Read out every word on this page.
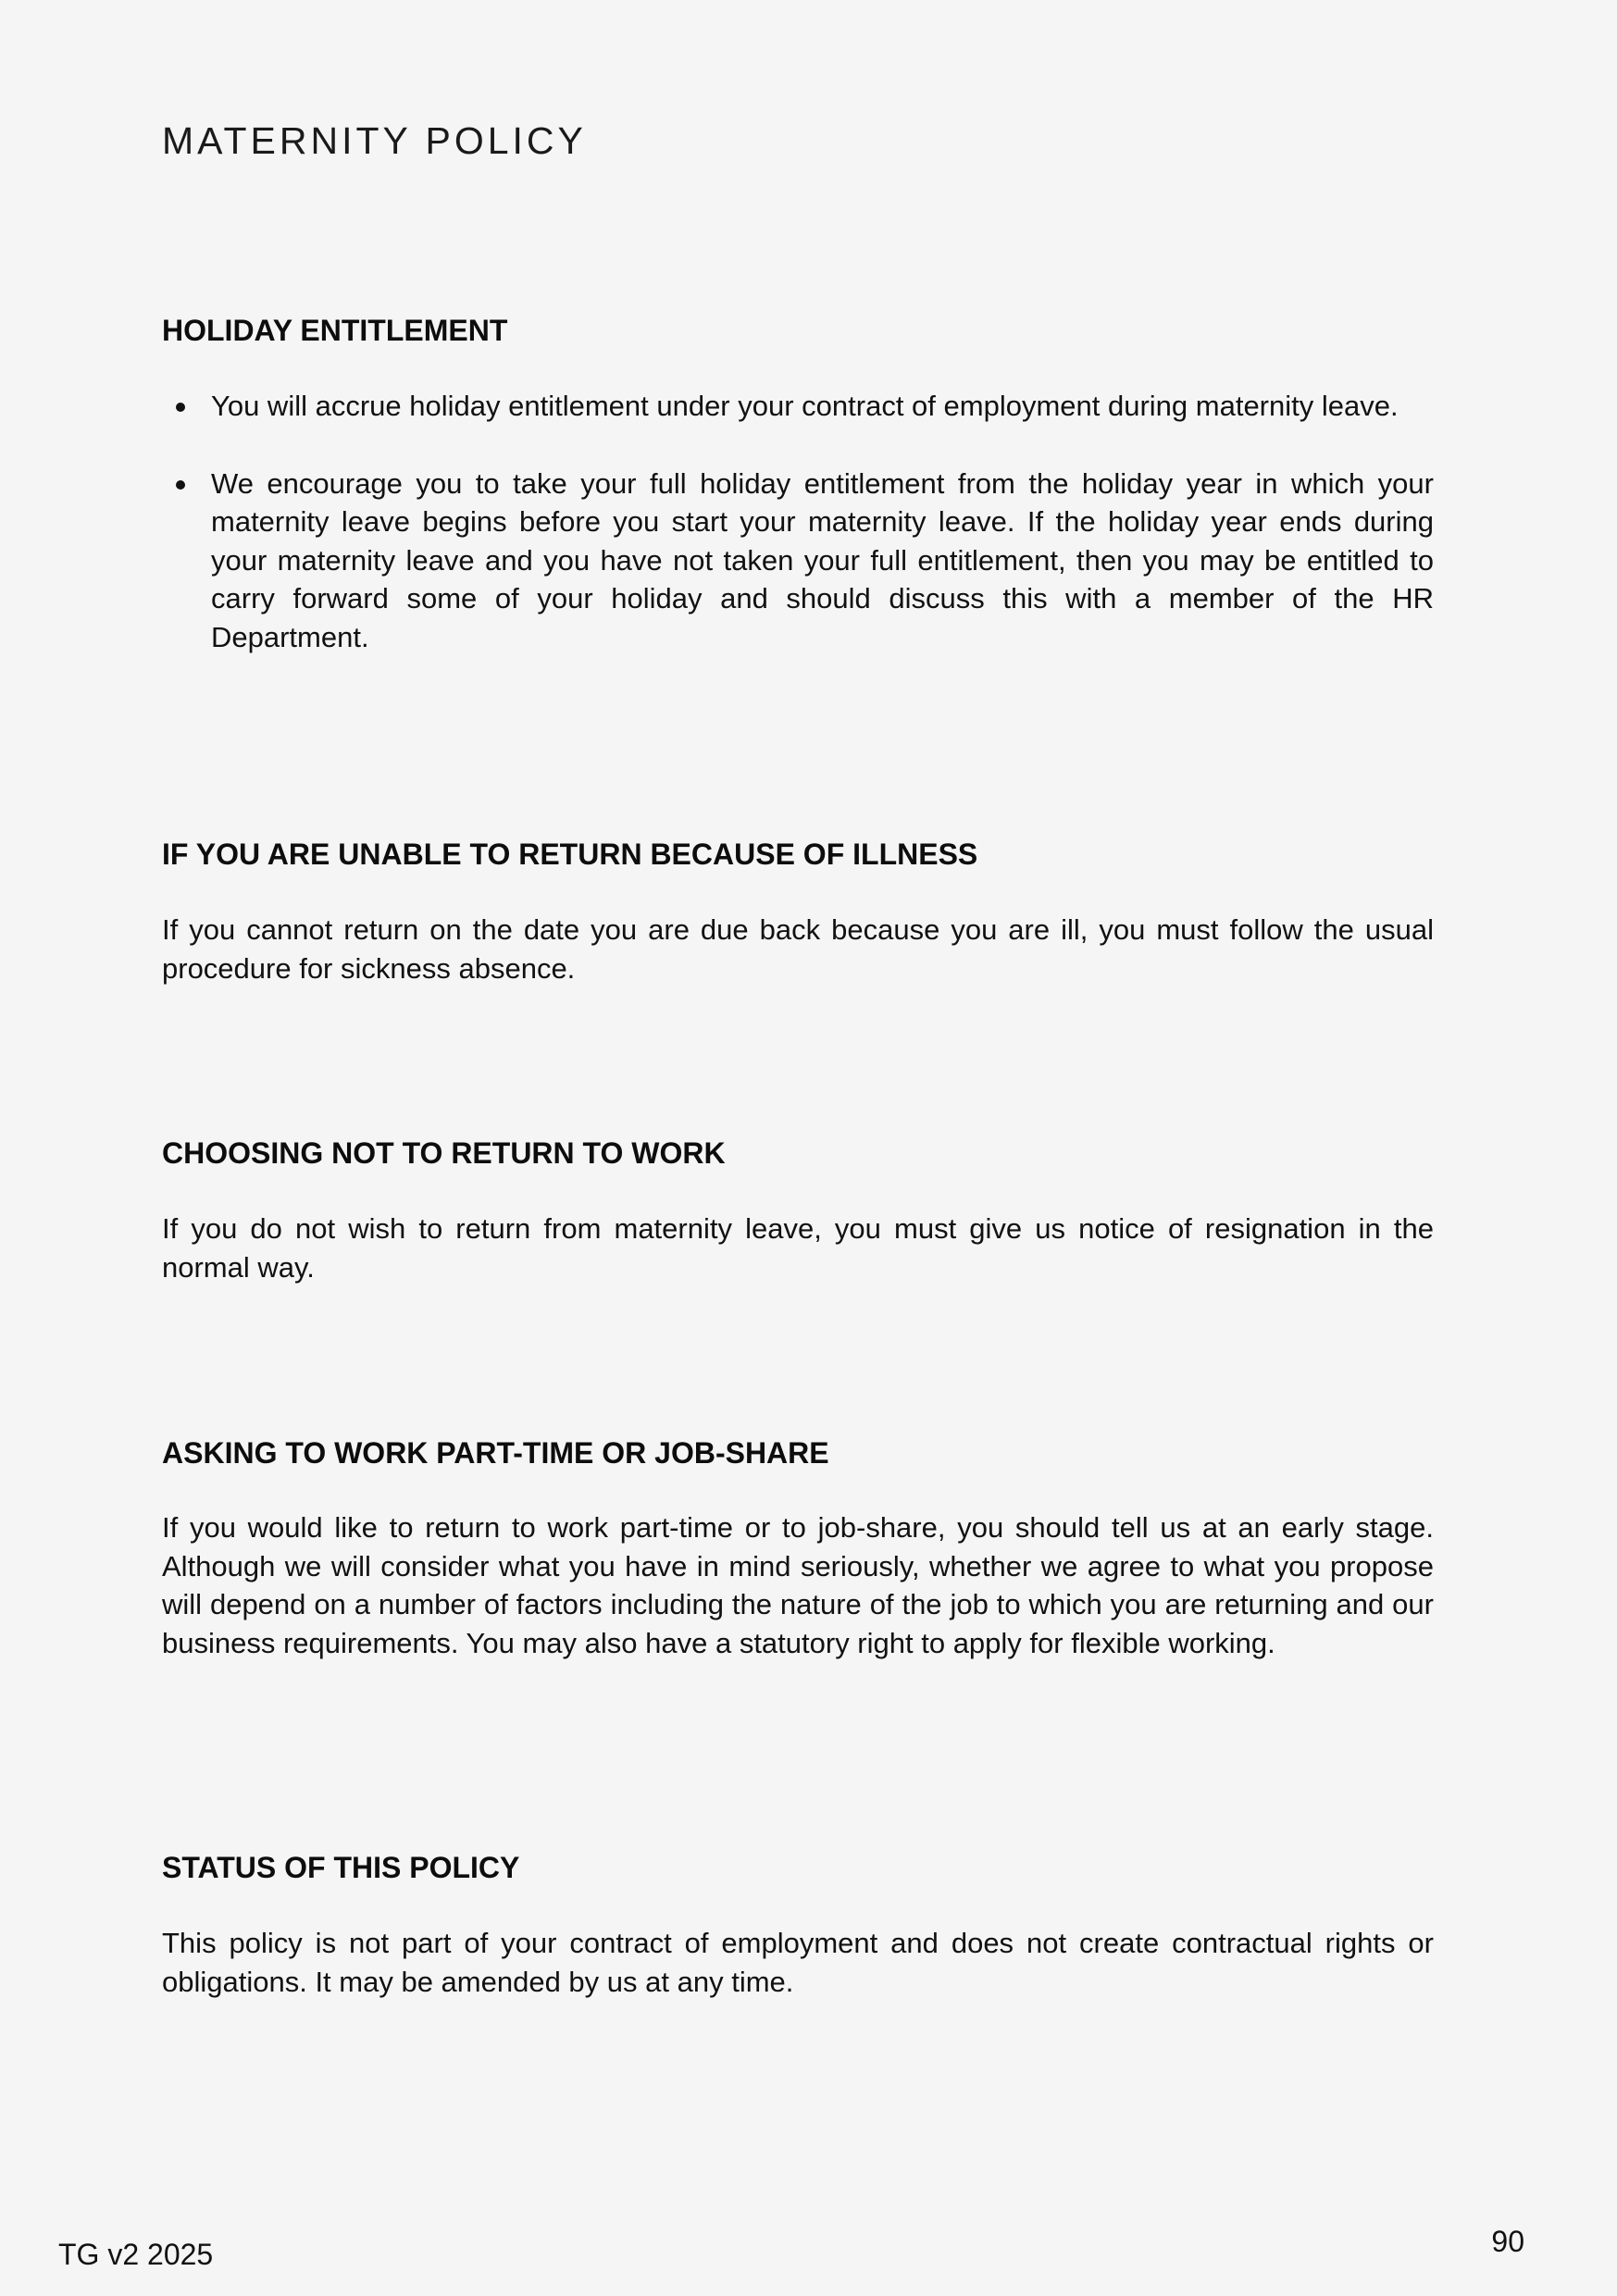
MATERNITY POLICY
HOLIDAY ENTITLEMENT
You will accrue holiday entitlement under your contract of employment during maternity leave.
We encourage you to take your full holiday entitlement from the holiday year in which your maternity leave begins before you start your maternity leave. If the holiday year ends during your maternity leave and you have not taken your full entitlement, then you may be entitled to carry forward some of your holiday and should discuss this with a member of the HR Department.
IF YOU ARE UNABLE TO RETURN BECAUSE OF ILLNESS

If you cannot return on the date you are due back because you are ill, you must follow the usual procedure for sickness absence.

CHOOSING NOT TO RETURN TO WORK

If you do not wish to return from maternity leave, you must give us notice of resignation in the normal way.

ASKING TO WORK PART-TIME OR JOB-SHARE

If you would like to return to work part-time or to job-share, you should tell us at an early stage. Although we will consider what you have in mind seriously, whether we agree to what you propose will depend on a number of factors including the nature of the job to which you are returning and our business requirements. You may also have a statutory right to apply for flexible working.

STATUS OF THIS POLICY

This policy is not part of your contract of employment and does not create contractual rights or obligations. It may be amended by us at any time.

TG v2 2025	90
